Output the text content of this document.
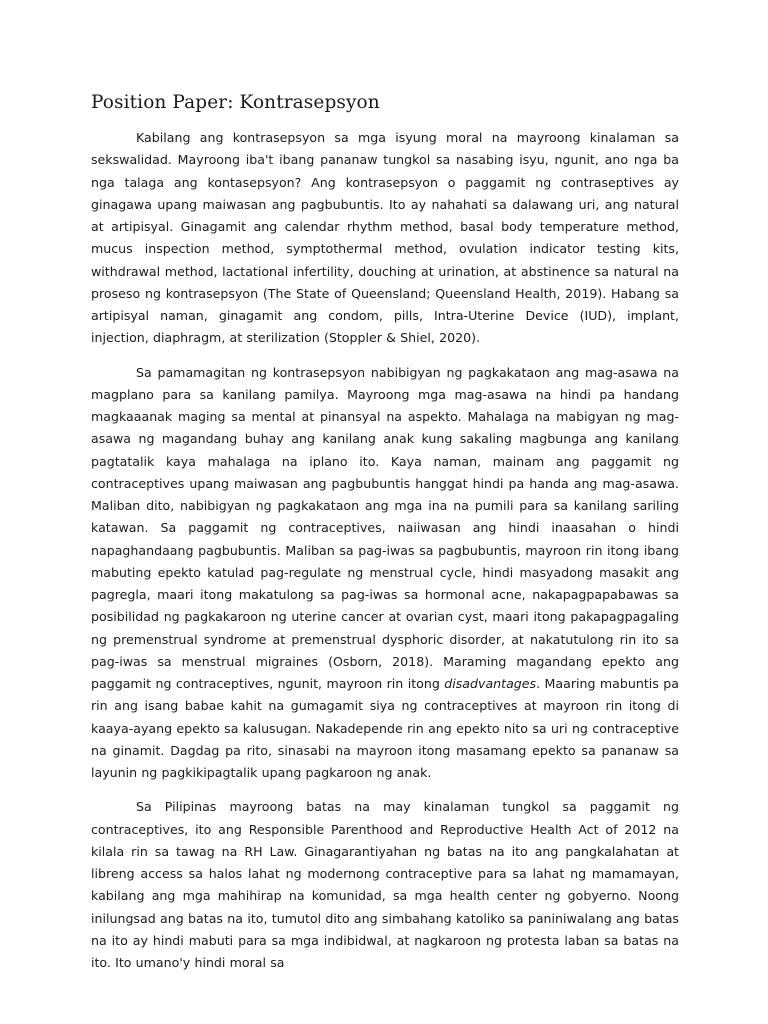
Position Paper: Kontrasepsyon

Kabilang ang kontrasepsyon sa mga isyung moral na mayroong kinalaman sa sekswalidad. Mayroong iba't ibang pananaw tungkol sa nasabing isyu, ngunit, ano nga ba nga talaga ang kontasepsyon? Ang kontrasepsyon o paggamit ng contraseptives ay ginagawa upang maiwasan ang pagbubuntis. Ito ay nahahati sa dalawang uri, ang natural at artipisyal. Ginagamit ang calendar rhythm method, basal body temperature method, mucus inspection method, symptothermal method, ovulation indicator testing kits, withdrawal method, lactational infertility, douching at urination, at abstinence sa natural na proseso ng kontrasepsyon (The State of Queensland; Queensland Health, 2019). Habang sa artipisyal naman, ginagamit ang condom, pills, Intra-Uterine Device (IUD), implant, injection, diaphragm, at sterilization (Stoppler & Shiel, 2020).

Sa pamamagitan ng kontrasepsyon nabibigyan ng pagkakataon ang mag-asawa na magplano para sa kanilang pamilya. Mayroong mga mag-asawa na hindi pa handang magkaaanak maging sa mental at pinansyal na aspekto. Mahalaga na mabigyan ng mag-asawa ng magandang buhay ang kanilang anak kung sakaling magbunga ang kanilang pagtatalik kaya mahalaga na iplano ito. Kaya naman, mainam ang paggamit ng contraceptives upang maiwasan ang pagbubuntis hanggat hindi pa handa ang mag-asawa. Maliban dito, nabibigyan ng pagkakataon ang mga ina na pumili para sa kanilang sariling katawan. Sa paggamit ng contraceptives, naiiwasan ang hindi inaasahan o hindi napaghandaang pagbubuntis. Maliban sa pag-iwas sa pagbubuntis, mayroon rin itong ibang mabuting epekto katulad pag-regulate ng menstrual cycle, hindi masyadong masakit ang pagregla, maari itong makatulong sa pag-iwas sa hormonal acne, nakapagpapabawas sa posibilidad ng pagkakaroon ng uterine cancer at ovarian cyst, maari itong pakapagpagaling ng premenstrual syndrome at premenstrual dysphoric disorder, at nakatutulong rin ito sa pag-iwas sa menstrual migraines (Osborn, 2018). Maraming magandang epekto ang paggamit ng contraceptives, ngunit, mayroon rin itong disadvantages. Maaring mabuntis pa rin ang isang babae kahit na gumagamit siya ng contraceptives at mayroon rin itong di kaaya-ayang epekto sa kalusugan. Nakadepende rin ang epekto nito sa uri ng contraceptive na ginamit. Dagdag pa rito, sinasabi na mayroon itong masamang epekto sa pananaw sa layunin ng pagkikipagtalik upang pagkaroon ng anak.

Sa Pilipinas mayroong batas na may kinalaman tungkol sa paggamit ng contraceptives, ito ang Responsible Parenthood and Reproductive Health Act of 2012 na kilala rin sa tawag na RH Law. Ginagarantiyahan ng batas na ito ang pangkalahatan at libreng access sa halos lahat ng modernong contraceptive para sa lahat ng mamamayan, kabilang ang mga mahihirap na komunidad, sa mga health center ng gobyerno. Noong inilungsad ang batas na ito, tumutol dito ang simbahang katoliko sa paniniwalang ang batas na ito ay hindi mabuti para sa mga indibidwal, at nagkaroon ng protesta laban sa batas na ito. Ito umano'y hindi moral sa
